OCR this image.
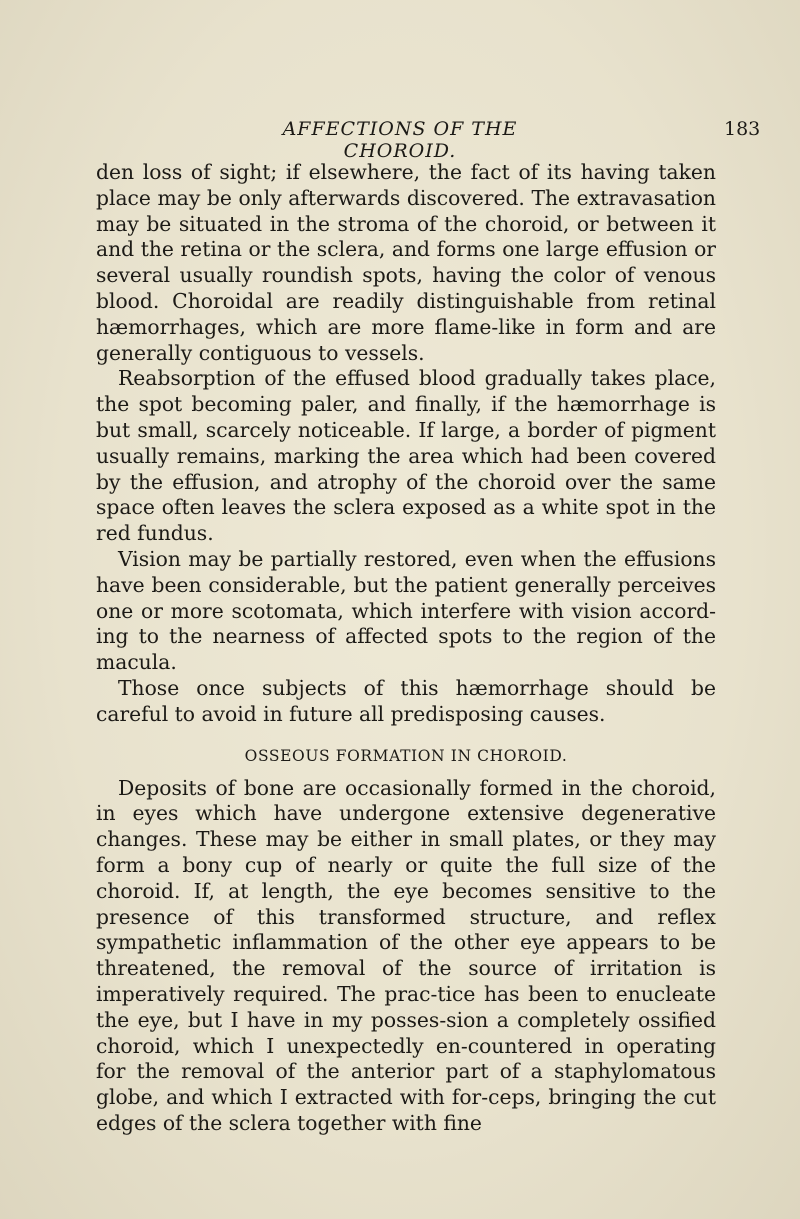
AFFECTIONS OF THE CHOROID.
183

den loss of sight; if elsewhere, the fact of its having taken place may be only afterwards discovered. The extravasation may be situated in the stroma of the choroid, or between it and the retina or the sclera, and forms one large effusion or several usually roundish spots, having the color of venous blood. Choroidal are readily distinguishable from retinal hæmorrhages, which are more flame-like in form and are generally contiguous to vessels.

Reabsorption of the effused blood gradually takes place, the spot becoming paler, and finally, if the hæmorrhage is but small, scarcely noticeable. If large, a border of pigment usually remains, marking the area which had been covered by the effusion, and atrophy of the choroid over the same space often leaves the sclera exposed as a white spot in the red fundus.

Vision may be partially restored, even when the effusions have been considerable, but the patient generally perceives one or more scotomata, which interfere with vision accord-ing to the nearness of affected spots to the region of the macula.

Those once subjects of this hæmorrhage should be careful to avoid in future all predisposing causes.

OSSEOUS FORMATION IN CHOROID.

Deposits of bone are occasionally formed in the choroid, in eyes which have undergone extensive degenerative changes. These may be either in small plates, or they may form a bony cup of nearly or quite the full size of the choroid. If, at length, the eye becomes sensitive to the presence of this transformed structure, and reflex sympathetic inflammation of the other eye appears to be threatened, the removal of the source of irritation is imperatively required. The prac-tice has been to enucleate the eye, but I have in my posses-sion a completely ossified choroid, which I unexpectedly en-countered in operating for the removal of the anterior part of a staphylomatous globe, and which I extracted with for-ceps, bringing the cut edges of the sclera together with fine
